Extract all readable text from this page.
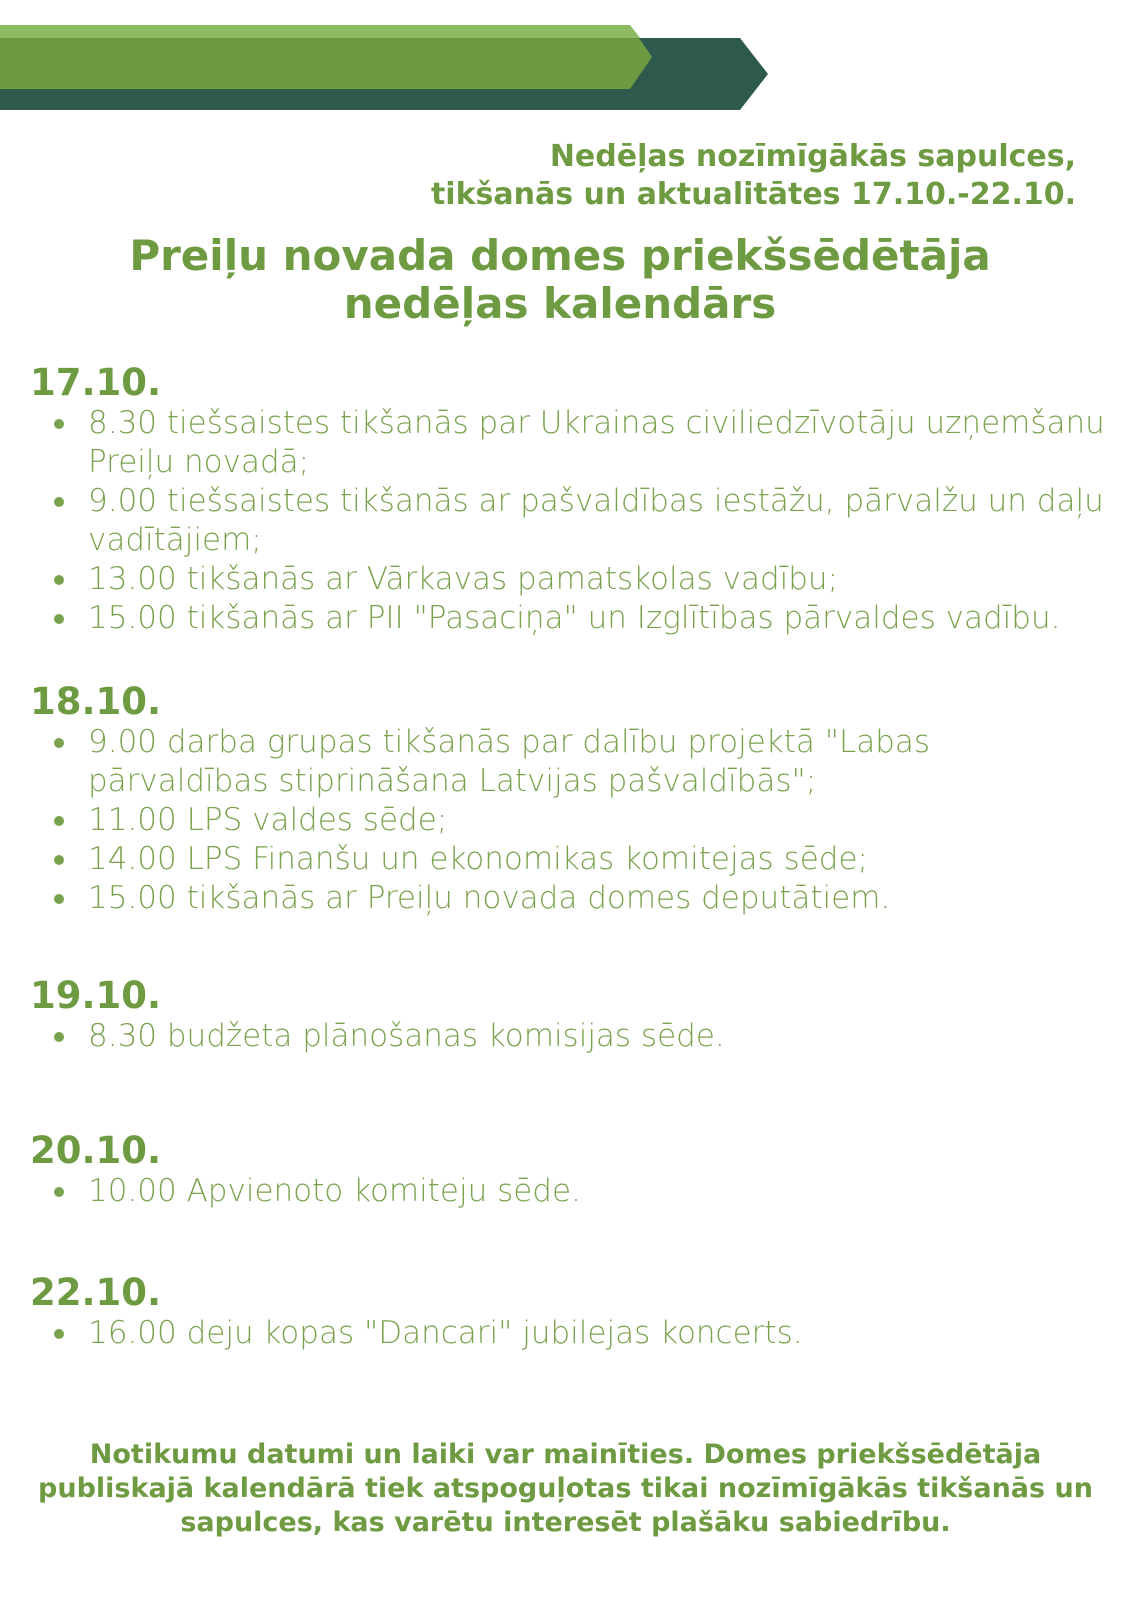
Nedēļas nozīmīgākās sapulces,
tikšanās un aktualitātes 17.10.-22.10.
Preiļu novada domes priekšsēdētāja
nedēļas kalendārs

17.10.

8.30 tiešsaistes tikšanās par Ukrainas civiliedzīvotāju uzņemšanu Preiļu novadā;
9.00 tiešsaistes tikšanās ar pašvaldības iestāžu, pārvalžu un daļu vadītājiem;
13.00 tikšanās ar Vārkavas pamatskolas vadību;
15.00 tikšanās ar PII "Pasaciņa" un Izglītības pārvaldes vadību.

18.10.

9.00 darba grupas tikšanās par dalību projektā "Labas pārvaldības stiprināšana Latvijas pašvaldībās";
11.00 LPS valdes sēde;
14.00 LPS Finanšu un ekonomikas komitejas sēde;
15.00 tikšanās ar Preiļu novada domes deputātiem.

19.10.

8.30 budžeta plānošanas komisijas sēde.

20.10.

10.00 Apvienoto komiteju sēde.

22.10.

16.00 deju kopas "Dancari" jubilejas koncerts.
Notikumu datumi un laiki var mainīties. Domes priekšsēdētāja
publiskajā kalendārā tiek atspoguļotas tikai nozīmīgākās tikšanās un
sapulces, kas varētu interesēt plašāku sabiedrību.
